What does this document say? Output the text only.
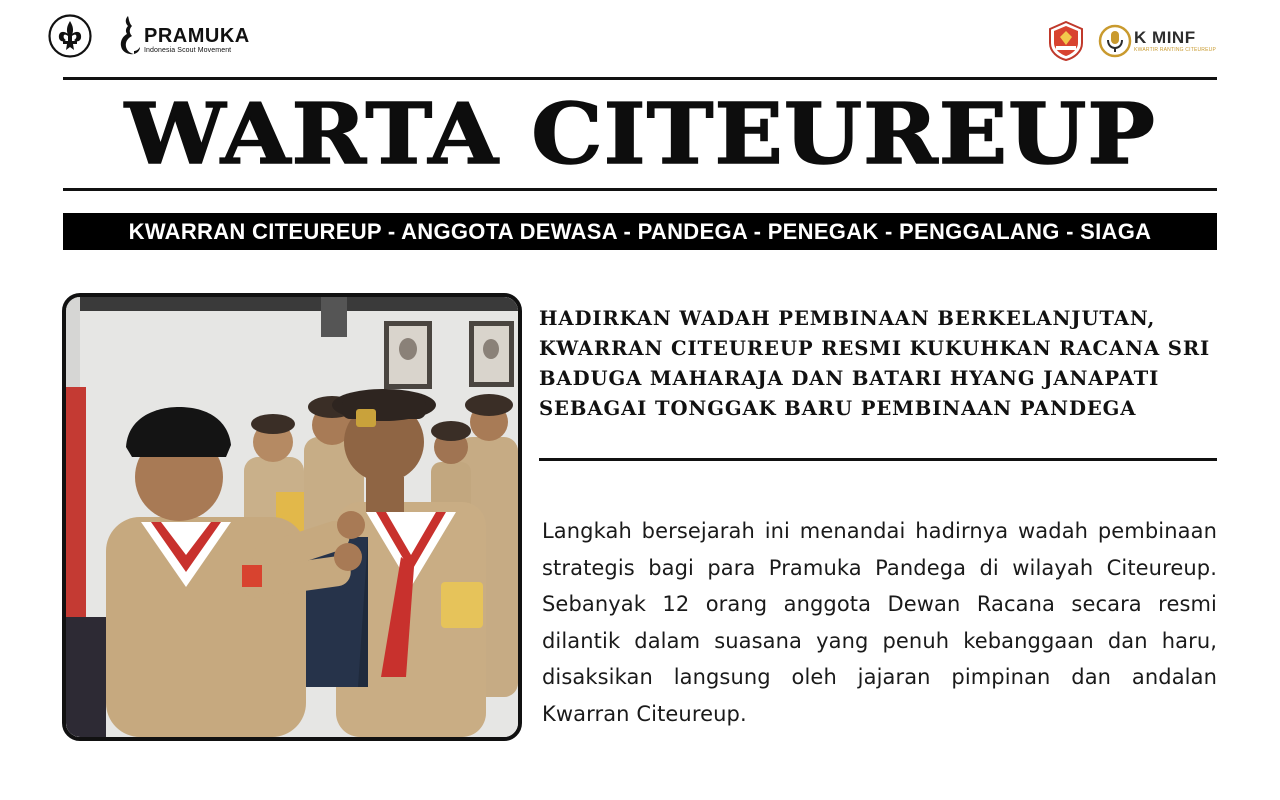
PRAMUKA
Indonesia Scout Movement
K MINF
KWARTIR RANTING CITEUREUP
WARTA CITEUREUP
KWARRAN CITEUREUP - ANGGOTA DEWASA - PANDEGA - PENEGAK - PENGGALANG - SIAGA
HADIRKAN WADAH PEMBINAAN BERKELANJUTAN,
KWARRAN CITEUREUP RESMI KUKUHKAN RACANA SRI
BADUGA MAHARAJA DAN BATARI HYANG JANAPATI
SEBAGAI TONGGAK BARU PEMBINAAN PANDEGA

Langkah bersejarah ini menandai hadirnya wadah pembinaan strategis bagi para Pramuka Pandega di wilayah Citeureup. Sebanyak 12 orang anggota Dewan Racana secara resmi dilantik dalam suasana yang penuh kebanggaan dan haru, disaksikan langsung oleh jajaran pimpinan dan andalan Kwarran Citeureup.
